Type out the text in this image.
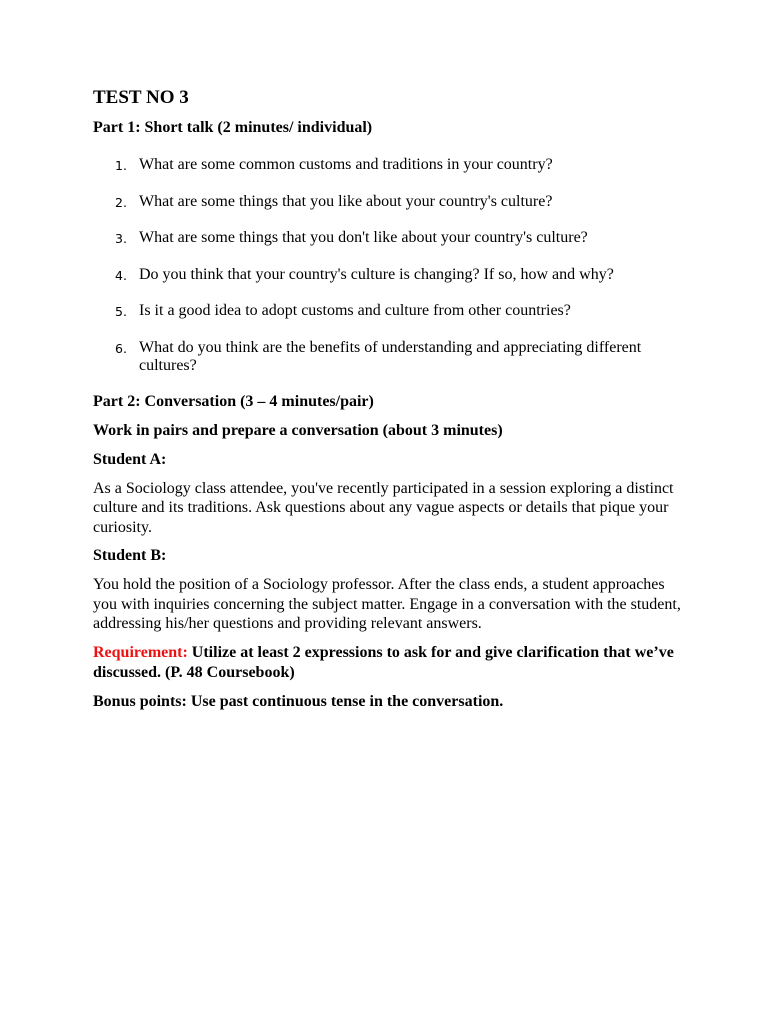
TEST NO 3
Part 1: Short talk (2 minutes/ individual)
1. What are some common customs and traditions in your country?
2. What are some things that you like about your country's culture?
3. What are some things that you don't like about your country's culture?
4. Do you think that your country's culture is changing? If so, how and why?
5. Is it a good idea to adopt customs and culture from other countries?
6. What do you think are the benefits of understanding and appreciating different cultures?
Part 2: Conversation (3 – 4 minutes/pair)
Work in pairs and prepare a conversation (about 3 minutes)
Student A:
As a Sociology class attendee, you've recently participated in a session exploring a distinct culture and its traditions. Ask questions about any vague aspects or details that pique your curiosity.
Student B:
You hold the position of a Sociology professor. After the class ends, a student approaches you with inquiries concerning the subject matter. Engage in a conversation with the student, addressing his/her questions and providing relevant answers.
Requirement: Utilize at least 2 expressions to ask for and give clarification that we’ve discussed. (P. 48 Coursebook)
Bonus points: Use past continuous tense in the conversation.
